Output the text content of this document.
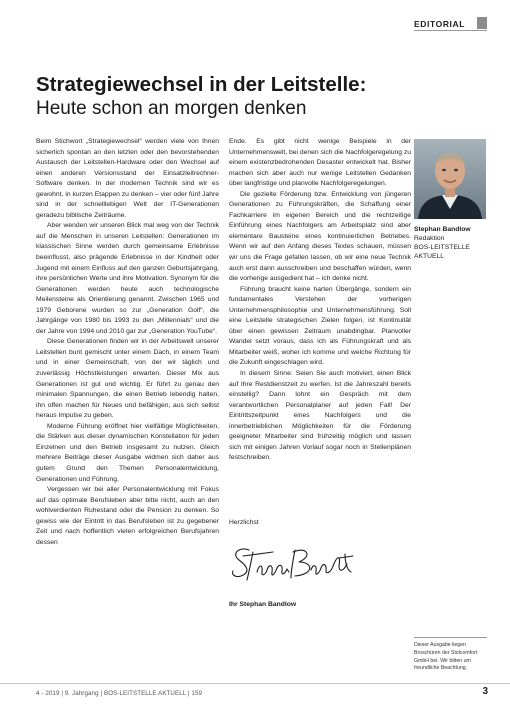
EDITORIAL
Strategiewechsel in der Leitstelle:
Heute schon an morgen denken

Beim Stichwort „Strategiewechsel“ werden viele von Ihnen sicherlich spontan an den letzten oder den bevorstehenden Austausch der Leitstellen-Hardware oder den Wechsel auf einen anderen Versionsstand der Einsatzleitrechner-Software denken. In der modernen Technik sind wir es gewohnt, in kurzen Etappen zu denken – vier oder fünf Jahre sind in der schnelllebigen Welt der IT-Generationen geradezu biblische Zeiträume.

Aber wenden wir unseren Blick mal weg von der Technik auf die Menschen in unseren Leitstellen: Generationen im klassischen Sinne werden durch gemeinsame Erlebnisse beeinflusst, also prägende Erlebnisse in der Kindheit oder Jugend mit einem Einfluss auf den ganzen Geburtsjahrgang, ihre persönlichen Werte und ihre Motivation. Synonym für die Generationen werden heute auch technologische Meilensteine als Orientierung genannt. Zwischen 1965 und 1979 Geborene wurden so zur „Generation Golf“, die Jahrgänge von 1980 bis 1993 zu den „Millennials“ und die der Jahre von 1994 und 2010 gar zur „Generation YouTube“.

Diese Generationen finden wir in der Arbeitswelt unserer Leitstellen bunt gemischt unter einem Dach, in einem Team und in einer Gemeinschaft, von der wir täglich und zuverlässig Höchstleistungen erwarten. Dieser Mix aus Generationen ist gut und wichtig. Er führt zu genau den minimalen Spannungen, die einen Betrieb lebendig halten, ihn offen machen für Neues und befähigen, aus sich selbst heraus Impulse zu geben.

Moderne Führung eröffnet hier vielfältige Möglichkeiten, die Stärken aus dieser dynamischen Konstellation für jeden Einzelnen und den Betrieb insgesamt zu nutzen. Gleich mehrere Beiträge dieser Ausgabe widmen sich daher aus gutem Grund den Themen Personalentwicklung, Generationen und Führung.

Vergessen wir bei aller Personalentwicklung mit Fokus auf das optimale Berufsleben aber bitte nicht, auch an den wohlverdienten Ruhestand oder die Pension zu denken. So gewiss wie der Eintritt in das Berufsleben ist zu gegebener Zeit und nach hoffentlich vielen erfolgreichen Berufsjahren dessen

Ende. Es gibt nicht wenige Beispiele in der Unternehmenswelt, bei denen sich die Nachfolgeregelung zu einem existenzbedrohenden Desaster entwickelt hat. Bisher machen sich aber auch nur wenige Leitstellen Gedanken über langfristige und planvolle Nachfolgeregelungen.

Die gezielte Förderung bzw. Entwicklung von jüngeren Generationen zu Führungskräften, die Schaffung einer Fachkarriere im eigenen Bereich und die rechtzeitige Einführung eines Nachfolgers am Arbeitsplatz sind aber elementare Bausteine eines kontinuierlichen Betriebes. Wenn wir auf den Anfang dieses Textes schauen, müssen wir uns die Frage gefallen lassen, ob wir eine neue Technik auch erst dann ausschreiben und beschaffen würden, wenn die vorherige ausgedient hat – ich denke nicht.

Führung braucht keine harten Übergänge, sondern ein fundamentales Verstehen der vorherigen Unternehmensphilosophie und Unternehmensführung. Soll eine Leitstelle strategischen Zielen folgen, ist Kontinuität über einen gewissen Zeitraum unabdingbar. Planvoller Wandel setzt voraus, dass ich als Führungskraft und als Mitarbeiter weiß, woher ich komme und welche Richtung für die Zukunft eingeschlagen wird.

In diesem Sinne: Seien Sie auch motiviert, einen Blick auf Ihre Restdienstzeit zu werfen. Ist die Jahreszahl bereits einstellig? Dann lohnt ein Gespräch mit dem verantwortlichen Personalplaner auf jeden Fall! Der Eintrittszeitpunkt eines Nachfolgers und die innerbetrieblichen Möglichkeiten für die Förderung geeigneter Mitarbeiter sind frühzeitig möglich und lassen sich mit einigen Jahren Vorlauf sogar noch in Stellenplänen festschreiben.

Herzlichst
Ihr Stephan Bandlow
Stephan Bandlow
Redaktion
BOS-LEITSTELLE
AKTUELL
Dieser Ausgabe liegen Broschüren der Stolcomfort GmbH bei. Wir bitten um freundliche Beachtung.
4 - 2019 | 9. Jahrgang | BOS-LEITSTELLE AKTUELL | 159	3
